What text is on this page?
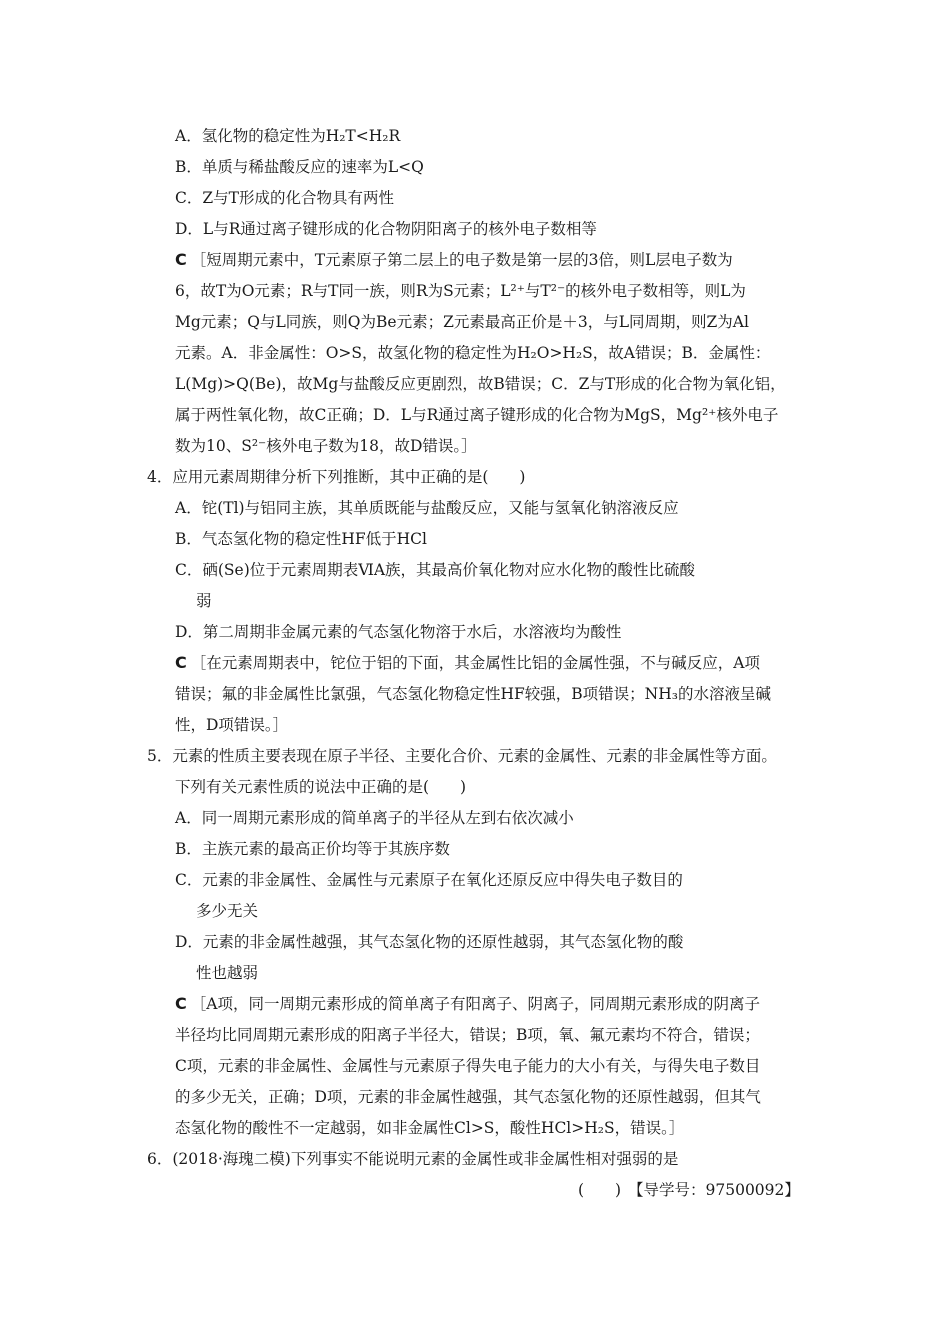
A．氢化物的稳定性为H₂T<H₂R
B．单质与稀盐酸反应的速率为L<Q
C．Z与T形成的化合物具有两性
D．L与R通过离子键形成的化合物阴阳离子的核外电子数相等
C ［短周期元素中，T元素原子第二层上的电子数是第一层的3倍，则L层电子数为
6，故T为O元素；R与T同一族，则R为S元素；L²⁺与T²⁻的核外电子数相等，则L为
Mg元素；Q与L同族，则Q为Be元素；Z元素最高正价是＋3，与L同周期，则Z为Al
元素。A．非金属性：O>S，故氢化物的稳定性为H₂O>H₂S，故A错误；B．金属性：
L(Mg)>Q(Be)，故Mg与盐酸反应更剧烈，故B错误；C．Z与T形成的化合物为氧化铝，
属于两性氧化物，故C正确；D．L与R通过离子键形成的化合物为MgS，Mg²⁺核外电子
数为10、S²⁻核外电子数为18，故D错误。］
4．应用元素周期律分析下列推断，其中正确的是(　　)
A．铊(Tl)与铝同主族，其单质既能与盐酸反应，又能与氢氧化钠溶液反应
B．气态氢化物的稳定性HF低于HCl
C．硒(Se)位于元素周期表ⅥA族，其最高价氧化物对应水化物的酸性比硫酸
弱
D．第二周期非金属元素的气态氢化物溶于水后，水溶液均为酸性
C ［在元素周期表中，铊位于铝的下面，其金属性比铝的金属性强，不与碱反应，A项
错误；氟的非金属性比氯强，气态氢化物稳定性HF较强，B项错误；NH₃的水溶液呈碱
性，D项错误。］
5．元素的性质主要表现在原子半径、主要化合价、元素的金属性、元素的非金属性等方面。
下列有关元素性质的说法中正确的是(　　)
A．同一周期元素形成的简单离子的半径从左到右依次减小
B．主族元素的最高正价均等于其族序数
C．元素的非金属性、金属性与元素原子在氧化还原反应中得失电子数目的
多少无关
D．元素的非金属性越强，其气态氢化物的还原性越弱，其气态氢化物的酸
性也越弱
C ［A项，同一周期元素形成的简单离子有阳离子、阴离子，同周期元素形成的阴离子
半径均比同周期元素形成的阳离子半径大，错误；B项，氧、氟元素均不符合，错误；
C项，元素的非金属性、金属性与元素原子得失电子能力的大小有关，与得失电子数目
的多少无关，正确；D项，元素的非金属性越强，其气态氢化物的还原性越弱，但其气
态氢化物的酸性不一定越弱，如非金属性Cl>S，酸性HCl>H₂S，错误。］
6．(2018·海瑰二模)下列事实不能说明元素的金属性或非金属性相对强弱的是
(　　) 【导学号：97500092】
